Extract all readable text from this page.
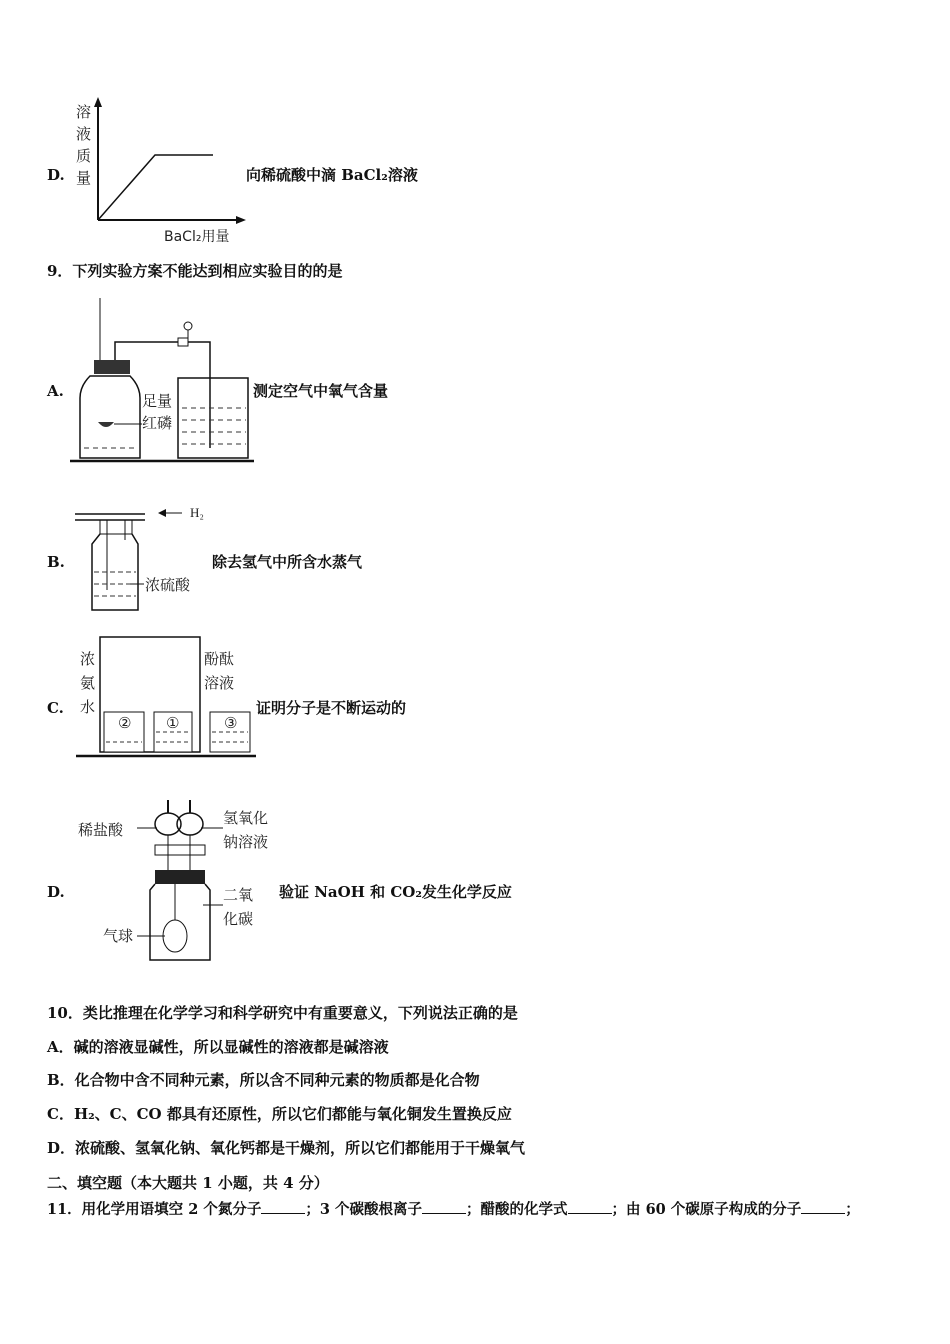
D.
溶
液
质
量
BaCl₂用量
向稀硫酸中滴 BaCl₂溶液
9．下列实验方案不能达到相应实验目的的是
A.
足量
红磷
测定空气中氧气含量
B.
H₂
浓硫酸
除去氢气中所含水蒸气
C.
浓
氨
水
酚酞
溶液
② ①	③
证明分子是不断运动的
D.
稀盐酸
氢氧化
钠溶液
二氧
化碳
气球
验证 NaOH 和 CO₂发生化学反应
10．类比推理在化学学习和科学研究中有重要意义，下列说法正确的是
A．碱的溶液显碱性，所以显碱性的溶液都是碱溶液
B．化合物中含不同种元素，所以含不同种元素的物质都是化合物
C．H₂、C、CO 都具有还原性，所以它们都能与氧化铜发生置换反应
D．浓硫酸、氢氧化钠、氧化钙都是干燥剂，所以它们都能用于干燥氧气
二、填空题（本大题共 1 小题，共 4 分）
11．用化学用语填空 2 个氮分子	；3 个碳酸根离子	；醋酸的化学式	；由 60 个碳原子构成的分子	；
